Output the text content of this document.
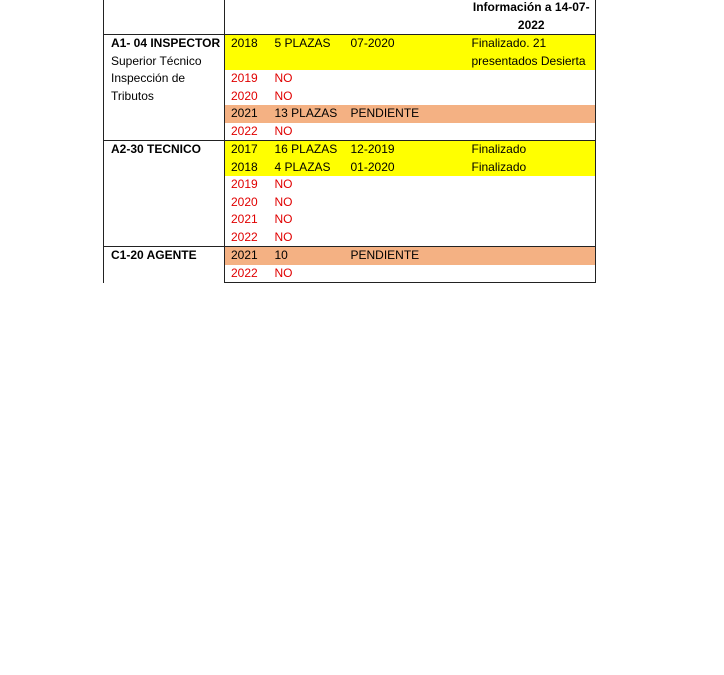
				Información a 14-07-2022

A1- 04 INSPECTOR
Superior Técnico Inspección de Tributos	2018	5 PLAZAS	07-2020	Finalizado. 21 presentados Desierta
	2019	NO		
	2020	NO		
	2021	13 PLAZAS	PENDIENTE	
	2022	NO		

A2-30 TECNICO	2017	16 PLAZAS	12-2019	Finalizado
	2018	4 PLAZAS	01-2020	Finalizado
	2019	NO		
	2020	NO		
	2021	NO		
	2022	NO		

C1-20 AGENTE	2021	10	PENDIENTE	
	2022	NO		
